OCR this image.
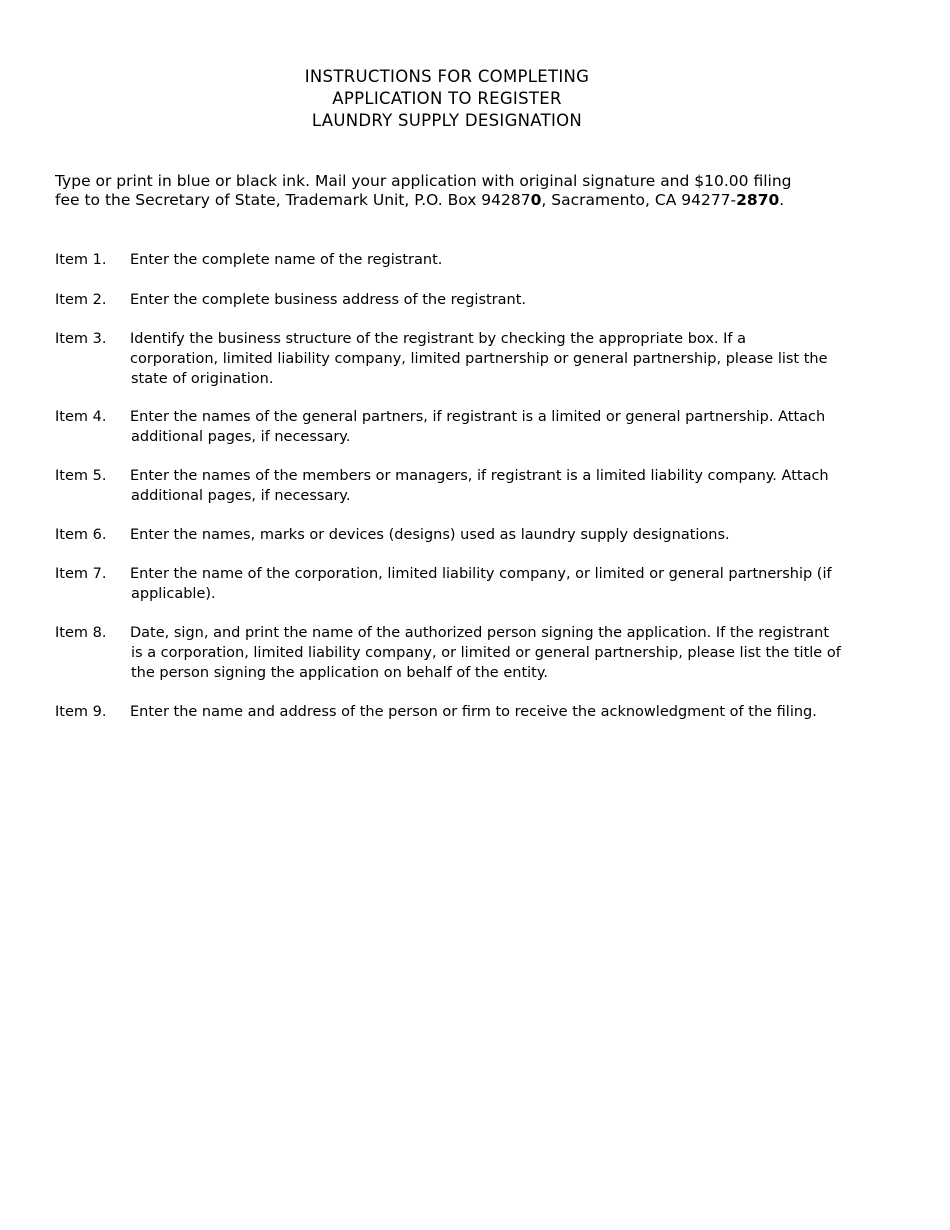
INSTRUCTIONS FOR COMPLETING
APPLICATION TO REGISTER
LAUNDRY SUPPLY DESIGNATION
Type or print in blue or black ink. Mail your application with original signature and $10.00 filing
fee to the Secretary of State, Trademark Unit, P.O. Box 942870, Sacramento, CA 94277-2870.
Item 1.	Enter the complete name of the registrant.
Item 2.	Enter the complete business address of the registrant.
Item 3.	Identify the business structure of the registrant by checking the appropriate box. If a
corporation, limited liability company, limited partnership or general partnership, please list the
state of origination.
Item 4.	Enter the names of the general partners, if registrant is a limited or general partnership. Attach
additional pages, if necessary.
Item 5.	Enter the names of the members or managers, if registrant is a limited liability company. Attach
additional pages, if necessary.
Item 6.	Enter the names, marks or devices (designs) used as laundry supply designations.
Item 7.	Enter the name of the corporation, limited liability company, or limited or general partnership (if
applicable).
Item 8.	Date, sign, and print the name of the authorized person signing the application. If the registrant
is a corporation, limited liability company, or limited or general partnership, please list the title of
the person signing the application on behalf of the entity.
Item 9.	Enter the name and address of the person or firm to receive the acknowledgment of the filing.
